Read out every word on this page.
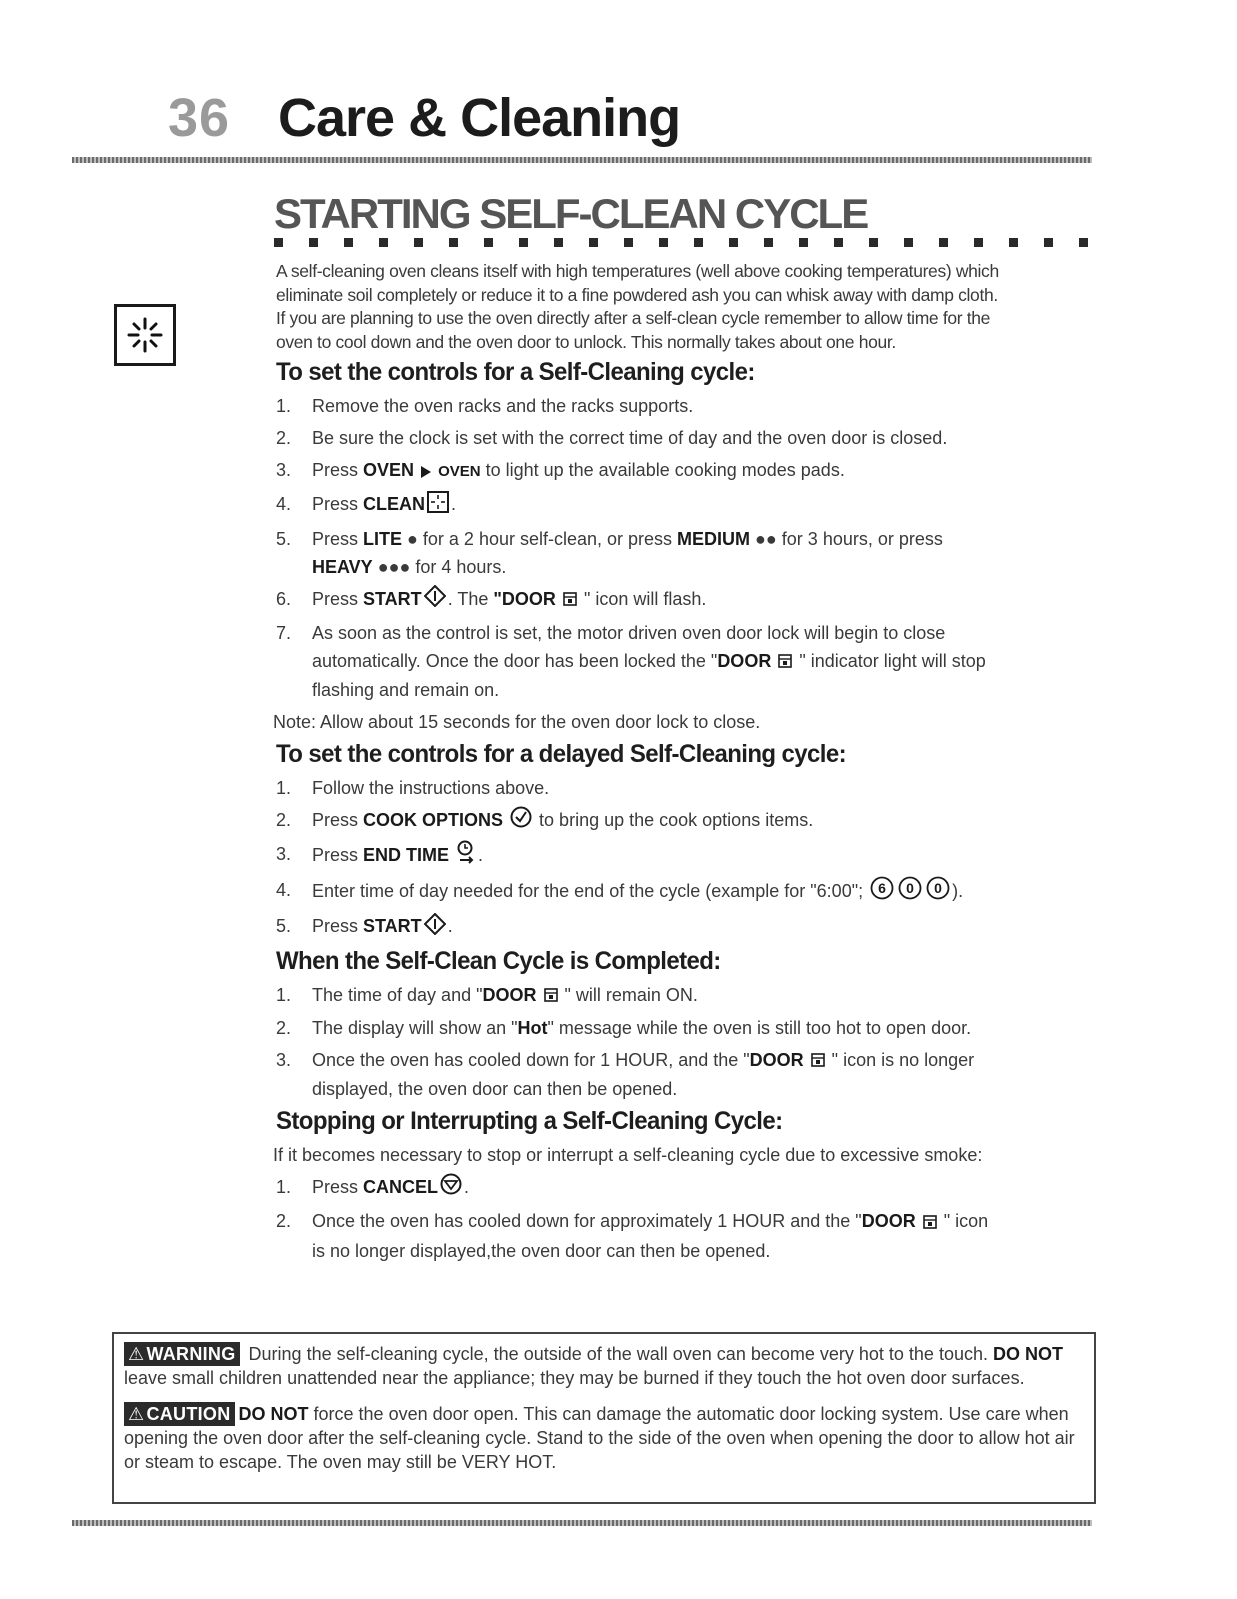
36 Care & Cleaning
STARTING SELF-CLEAN CYCLE

A self-cleaning oven cleans itself with high temperatures (well above cooking temperatures) which
eliminate soil completely or reduce it to a fine powdered ash you can whisk away with damp cloth.
If you are planning to use the oven directly after a self-clean cycle remember to allow time for the
oven to cool down and the oven door to unlock. This normally takes about one hour.

To set the controls for a Self-Cleaning cycle:
1. Remove the oven racks and the racks supports.
2. Be sure the clock is set with the correct time of day and the oven door is closed.
3. Press OVEN OVEN to light up the available cooking modes pads.
4. Press CLEAN .
5. Press LITE ● for a 2 hour self-clean, or press MEDIUM ●● for 3 hours, or press
HEAVY ●●● for 4 hours.
6. Press START . The "DOOR  " icon will flash.
7. As soon as the control is set, the motor driven oven door lock will begin to close
automatically. Once the door has been locked the "DOOR  " indicator light will stop
flashing and remain on.

Note: Allow about 15 seconds for the oven door lock to close.

To set the controls for a delayed Self-Cleaning cycle:
1. Follow the instructions above.
2. Press COOK OPTIONS  to bring up the cook options items.
3. Press END TIME .
4. Enter time of day needed for the end of the cycle (example for "6:00"; 6 0 0 ).
5. Press START .
When the Self-Clean Cycle is Completed:
1. The time of day and "DOOR  " will remain ON.
2. The display will show an "Hot" message while the oven is still too hot to open door.
3. Once the oven has cooled down for 1 HOUR, and the "DOOR  " icon is no longer
displayed, the oven door can then be opened.
Stopping or Interrupting a Self-Cleaning Cycle:

If it becomes necessary to stop or interrupt a self-cleaning cycle due to excessive smoke:

1. Press CANCEL .
2. Once the oven has cooled down for approximately 1 HOUR and the "DOOR  " icon
is no longer displayed,the oven door can then be opened.

⚠ WARNING During the self-cleaning cycle, the outside of the wall oven can become very hot to the touch. DO NOT leave small children unattended near the appliance; they may be burned if they touch the hot oven door surfaces.

⚠ CAUTION DO NOT force the oven door open. This can damage the automatic door locking system. Use care when opening the oven door after the self-cleaning cycle. Stand to the side of the oven when opening the door to allow hot air or steam to escape. The oven may still be VERY HOT.
